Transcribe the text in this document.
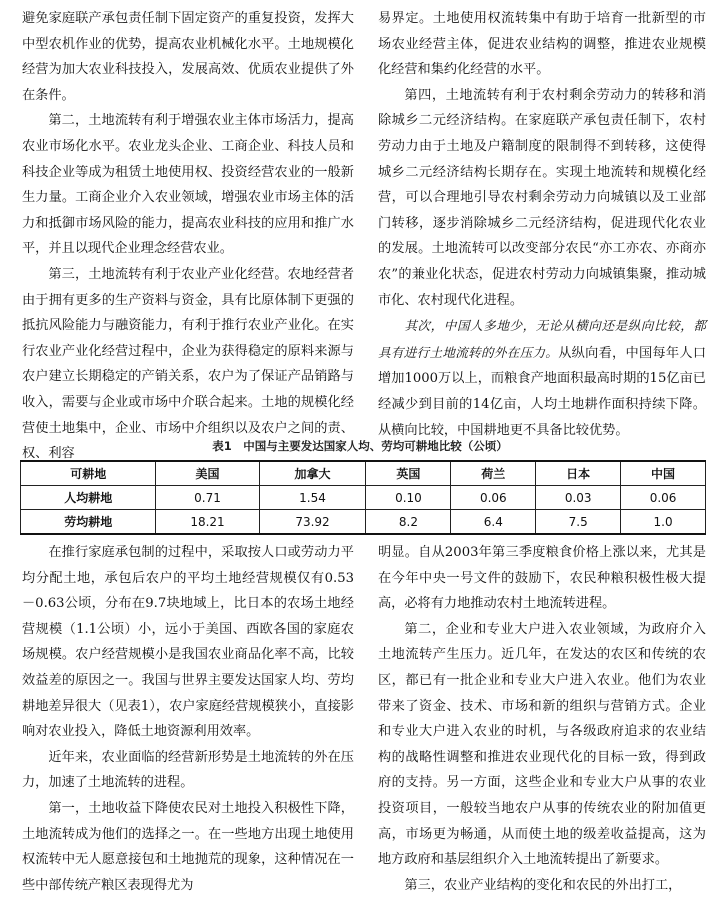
避免家庭联产承包责任制下固定资产的重复投资，发挥大中型农机作业的优势，提高农业机械化水平。土地规模化经营为加大农业科技投入，发展高效、优质农业提供了外在条件。

第二，土地流转有利于增强农业主体市场活力，提高农业市场化水平。农业龙头企业、工商企业、科技人员和科技企业等成为租赁土地使用权、投资经营农业的一般新生力量。工商企业介入农业领域，增强农业市场主体的活力和抵御市场风险的能力，提高农业科技的应用和推广水平，并且以现代企业理念经营农业。

第三，土地流转有利于农业产业化经营。农地经营者由于拥有更多的生产资料与资金，具有比原体制下更强的抵抗风险能力与融资能力，有利于推行农业产业化。在实行农业产业化经营过程中，企业为获得稳定的原料来源与农户建立长期稳定的产销关系，农户为了保证产品销路与收入，需要与企业或市场中介联合起来。土地的规模化经营使土地集中，企业、市场中介组织以及农户之间的责、权、利容

易界定。土地使用权流转集中有助于培育一批新型的市场农业经营主体，促进农业结构的调整，推进农业规模化经营和集约化经营的水平。

第四，土地流转有利于农村剩余劳动力的转移和消除城乡二元经济结构。在家庭联产承包责任制下，农村劳动力由于土地及户籍制度的限制得不到转移，这使得城乡二元经济结构长期存在。实现土地流转和规模化经营，可以合理地引导农村剩余劳动力向城镇以及工业部门转移，逐步消除城乡二元经济结构，促进现代化农业的发展。土地流转可以改变部分农民“亦工亦农、亦商亦农”的兼业化状态，促进农村劳动力向城镇集聚，推动城市化、农村现代化进程。

其次，中国人多地少，无论从横向还是纵向比较，都具有进行土地流转的外在压力。从纵向看，中国每年人口增加1000万以上，而粮食产地面积最高时期的15亿亩已经减少到目前的14亿亩，人均土地耕作面积持续下降。从横向比较，中国耕地更不具备比较优势。

表1　中国与主要发达国家人均、劳均可耕地比较（公顷）
可耕地	美国	加拿大	英国	荷兰	日本	中国
人均耕地	0.71	1.54	0.10	0.06	0.03	0.06
劳均耕地	18.21	73.92	8.2	6.4	7.5	1.0

在推行家庭承包制的过程中，采取按人口或劳动力平均分配土地，承包后农户的平均土地经营规模仅有0.53－0.63公顷，分布在9.7块地域上，比日本的农场土地经营规模（1.1公顷）小，远小于美国、西欧各国的家庭农场规模。农户经营规模小是我国农业商品化率不高，比较效益差的原因之一。我国与世界主要发达国家人均、劳均耕地差异很大（见表1），农户家庭经营规模狭小，直接影响对农业投入，降低土地资源利用效率。

近年来，农业面临的经营新形势是土地流转的外在压力，加速了土地流转的进程。

第一，土地收益下降使农民对土地投入积极性下降，土地流转成为他们的选择之一。在一些地方出现土地使用权流转中无人愿意接包和土地抛荒的现象，这种情况在一些中部传统产粮区表现得尤为

明显。自从2003年第三季度粮食价格上涨以来，尤其是在今年中央一号文件的鼓励下，农民种粮积极性极大提高，必将有力地推动农村土地流转进程。

第二，企业和专业大户进入农业领域，为政府介入土地流转产生压力。近几年，在发达的农区和传统的农区，都已有一批企业和专业大户进入农业。他们为农业带来了资金、技术、市场和新的组织与营销方式。企业和专业大户进入农业的时机，与各级政府追求的农业结构的战略性调整和推进农业现代化的目标一致，得到政府的支持。另一方面，这些企业和专业大户从事的农业投资项目，一般较当地农户从事的传统农业的附加值更高，市场更为畅通，从而使土地的级差收益提高，这为地方政府和基层组织介入土地流转提出了新要求。

第三，农业产业结构的变化和农民的外出打工，
